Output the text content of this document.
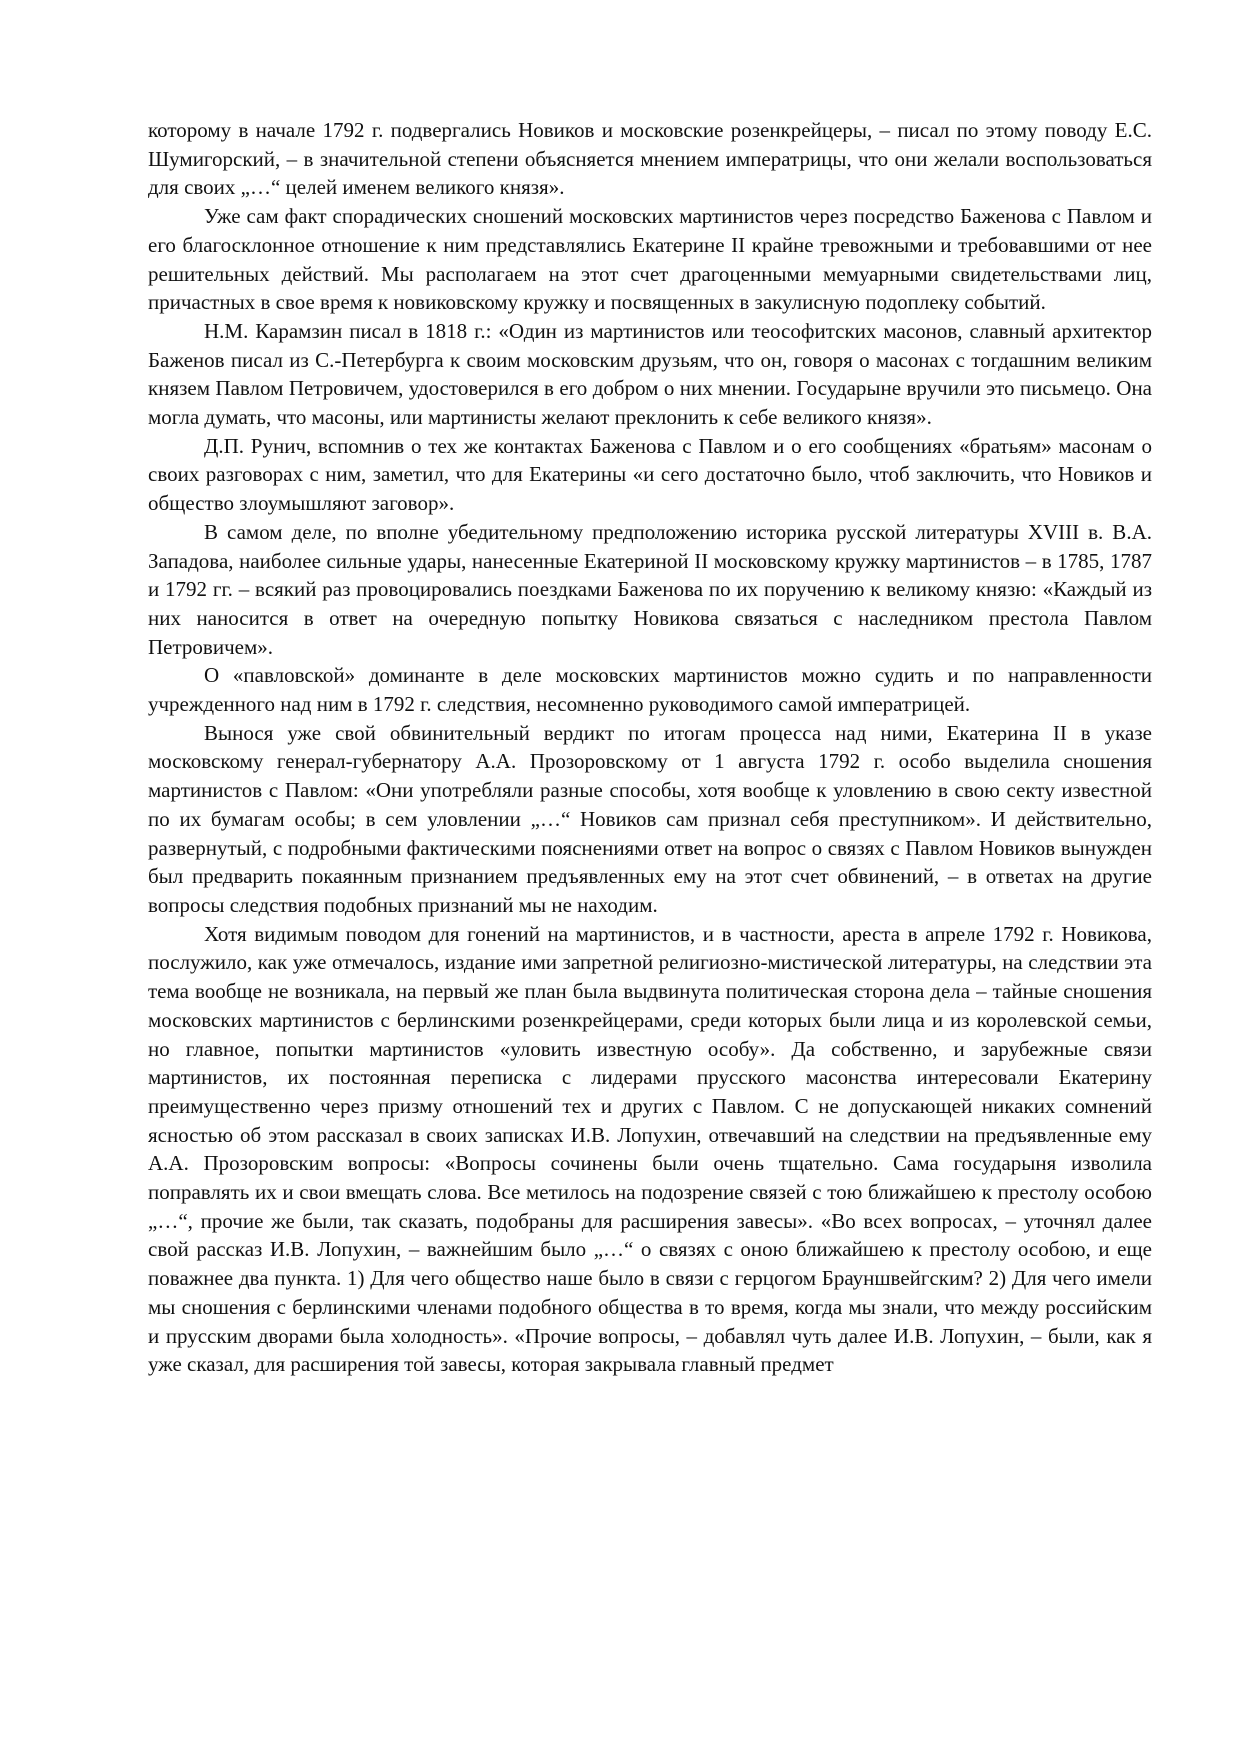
которому в начале 1792 г. подвергались Новиков и московские розенкрейцеры, – писал по этому поводу Е.С. Шумигорский, – в значительной степени объясняется мнением императрицы, что они желали воспользоваться для своих „…“ целей именем великого князя».

Уже сам факт спорадических сношений московских мартинистов через посредство Баженова с Павлом и его благосклонное отношение к ним представлялись Екатерине II крайне тревожными и требовавшими от нее решительных действий. Мы располагаем на этот счет драгоценными мемуарными свидетельствами лиц, причастных в свое время к новиковскому кружку и посвященных в закулисную подоплеку событий.

Н.М. Карамзин писал в 1818 г.: «Один из мартинистов или теософитских масонов, славный архитектор Баженов писал из С.-Петербурга к своим московским друзьям, что он, говоря о масонах с тогдашним великим князем Павлом Петровичем, удостоверился в его добром о них мнении. Государыне вручили это письмецо. Она могла думать, что масоны, или мартинисты желают преклонить к себе великого князя».

Д.П. Рунич, вспомнив о тех же контактах Баженова с Павлом и о его сообщениях «братьям» масонам о своих разговорах с ним, заметил, что для Екатерины «и сего достаточно было, чтоб заключить, что Новиков и общество злоумышляют заговор».

В самом деле, по вполне убедительному предположению историка русской литературы XVIII в. В.А. Западова, наиболее сильные удары, нанесенные Екатериной II московскому кружку мартинистов – в 1785, 1787 и 1792 гг. – всякий раз провоцировались поездками Баженова по их поручению к великому князю: «Каждый из них наносится в ответ на очередную попытку Новикова связаться с наследником престола Павлом Петровичем».

О «павловской» доминанте в деле московских мартинистов можно судить и по направленности учрежденного над ним в 1792 г. следствия, несомненно руководимого самой императрицей.

Вынося уже свой обвинительный вердикт по итогам процесса над ними, Екатерина II в указе московскому генерал-губернатору А.А. Прозоровскому от 1 августа 1792 г. особо выделила сношения мартинистов с Павлом: «Они употребляли разные способы, хотя вообще к уловлению в свою секту известной по их бумагам особы; в сем уловлении „…“ Новиков сам признал себя преступником». И действительно, развернутый, с подробными фактическими пояснениями ответ на вопрос о связях с Павлом Новиков вынужден был предварить покаянным признанием предъявленных ему на этот счет обвинений, – в ответах на другие вопросы следствия подобных признаний мы не находим.

Хотя видимым поводом для гонений на мартинистов, и в частности, ареста в апреле 1792 г. Новикова, послужило, как уже отмечалось, издание ими запретной религиозно-мистической литературы, на следствии эта тема вообще не возникала, на первый же план была выдвинута политическая сторона дела – тайные сношения московских мартинистов с берлинскими розенкрейцерами, среди которых были лица и из королевской семьи, но главное, попытки мартинистов «уловить известную особу». Да собственно, и зарубежные связи мартинистов, их постоянная переписка с лидерами прусского масонства интересовали Екатерину преимущественно через призму отношений тех и других с Павлом. С не допускающей никаких сомнений ясностью об этом рассказал в своих записках И.В. Лопухин, отвечавший на следствии на предъявленные ему А.А. Прозоровским вопросы: «Вопросы сочинены были очень тщательно. Сама государыня изволила поправлять их и свои вмещать слова. Все метилось на подозрение связей с тою ближайшею к престолу особою „…“, прочие же были, так сказать, подобраны для расширения завесы». «Во всех вопросах, – уточнял далее свой рассказ И.В. Лопухин, – важнейшим было „…“ о связях с оною ближайшею к престолу особою, и еще поважнее два пункта. 1) Для чего общество наше было в связи с герцогом Брауншвейгским? 2) Для чего имели мы сношения с берлинскими членами подобного общества в то время, когда мы знали, что между российским и прусским дворами была холодность». «Прочие вопросы, – добавлял чуть далее И.В. Лопухин, – были, как я уже сказал, для расширения той завесы, которая закрывала главный предмет
